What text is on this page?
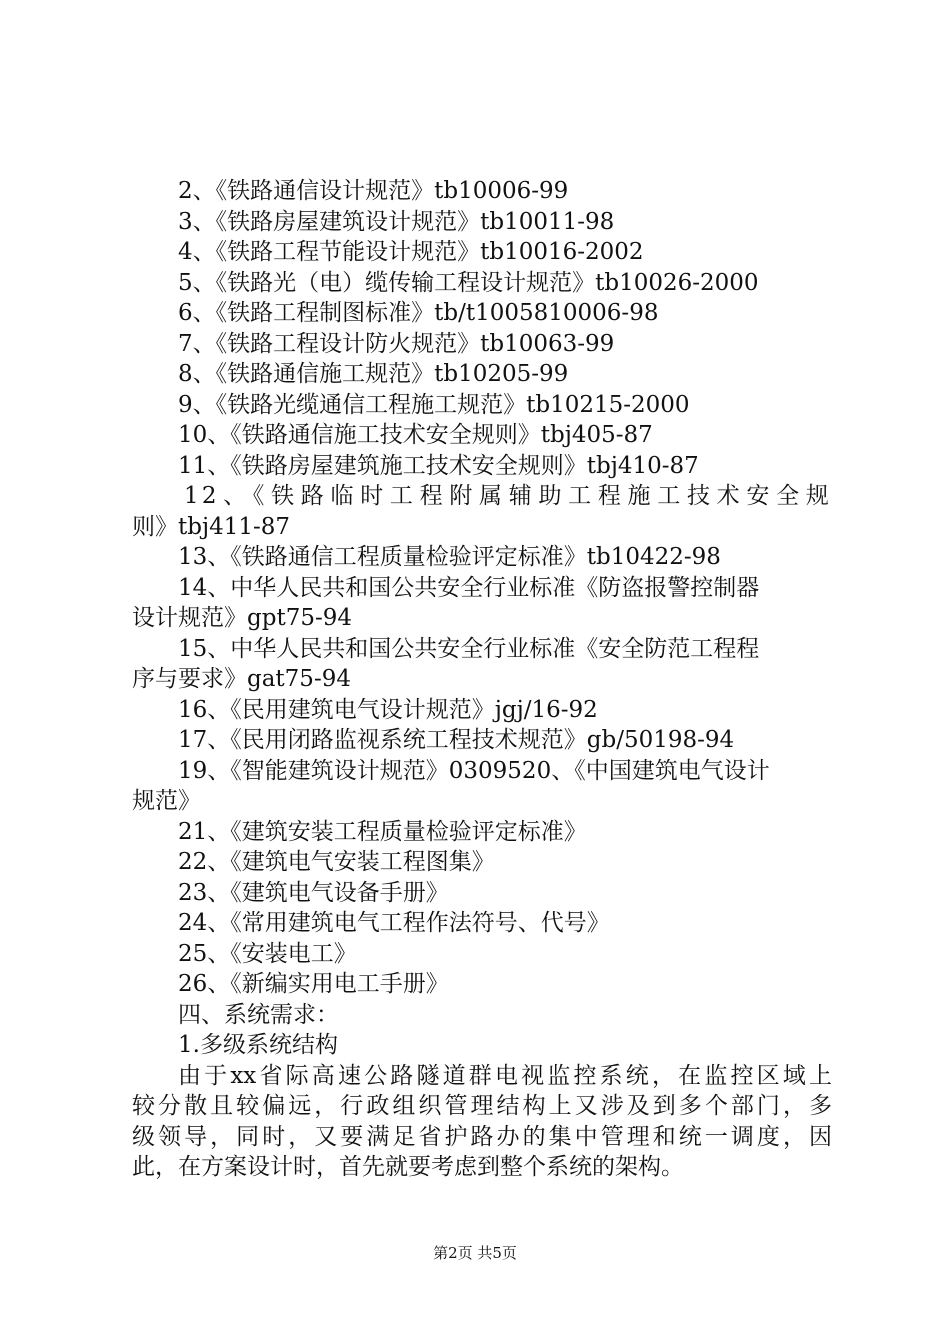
2、《铁路通信设计规范》tb10006-99
3、《铁路房屋建筑设计规范》tb10011-98
4、《铁路工程节能设计规范》tb10016-2002
5、《铁路光（电）缆传输工程设计规范》tb10026-2000
6、《铁路工程制图标准》tb/t1005810006-98
7、《铁路工程设计防火规范》tb10063-99
8、《铁路通信施工规范》tb10205-99
9、《铁路光缆通信工程施工规范》tb10215-2000
10、《铁路通信施工技术安全规则》tbj405-87
11、《铁路房屋建筑施工技术安全规则》tbj410-87
12、《铁路临时工程附属辅助工程施工技术安全规
则》tbj411-87
13、《铁路通信工程质量检验评定标准》tb10422-98
14、中华人民共和国公共安全行业标准《防盗报警控制器
设计规范》gpt75-94
15、中华人民共和国公共安全行业标准《安全防范工程程
序与要求》gat75-94
16、《民用建筑电气设计规范》jgj/16-92
17、《民用闭路监视系统工程技术规范》gb/50198-94
19、《智能建筑设计规范》0309520、《中国建筑电气设计
规范》
21、《建筑安装工程质量检验评定标准》
22、《建筑电气安装工程图集》
23、《建筑电气设备手册》
24、《常用建筑电气工程作法符号、代号》
25、《安装电工》
26、《新编实用电工手册》
四、系统需求：
1.多级系统结构
由于xx省际高速公路隧道群电视监控系统，在监控区域上
较分散且较偏远，行政组织管理结构上又涉及到多个部门，多
级领导，同时，又要满足省护路办的集中管理和统一调度，因
此，在方案设计时，首先就要考虑到整个系统的架构。
第2页 共5页
